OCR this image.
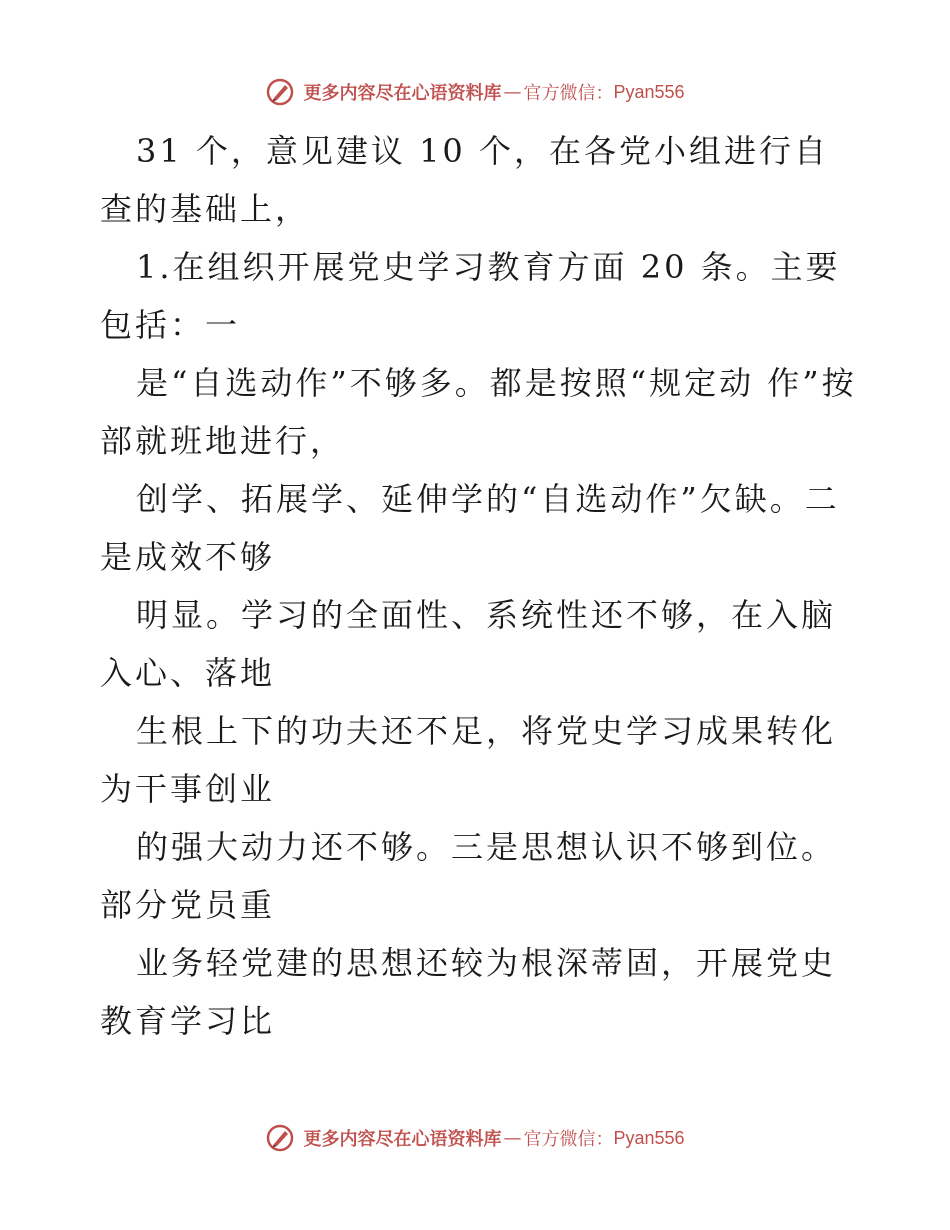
更多内容尽在心语资料库 — 官方微信： Pyan556

31 个，意见建议 10 个，在各党小组进行自查的基础上，

1.在组织开展党史学习教育方面 20 条。主要包括：一

是“自选动作”不够多。都是按照“规定动 作”按部就班地进行，

创学、拓展学、延伸学的“自选动作”欠缺。二是成效不够

明显。学习的全面性、系统性还不够，在入脑入心、落地

生根上下的功夫还不足，将党史学习成果转化为干事创业

的强大动力还不够。三是思想认识不够到位。部分党员重

业务轻党建的思想还较为根深蒂固，开展党史教育学习比

更多内容尽在心语资料库 — 官方微信： Pyan556
